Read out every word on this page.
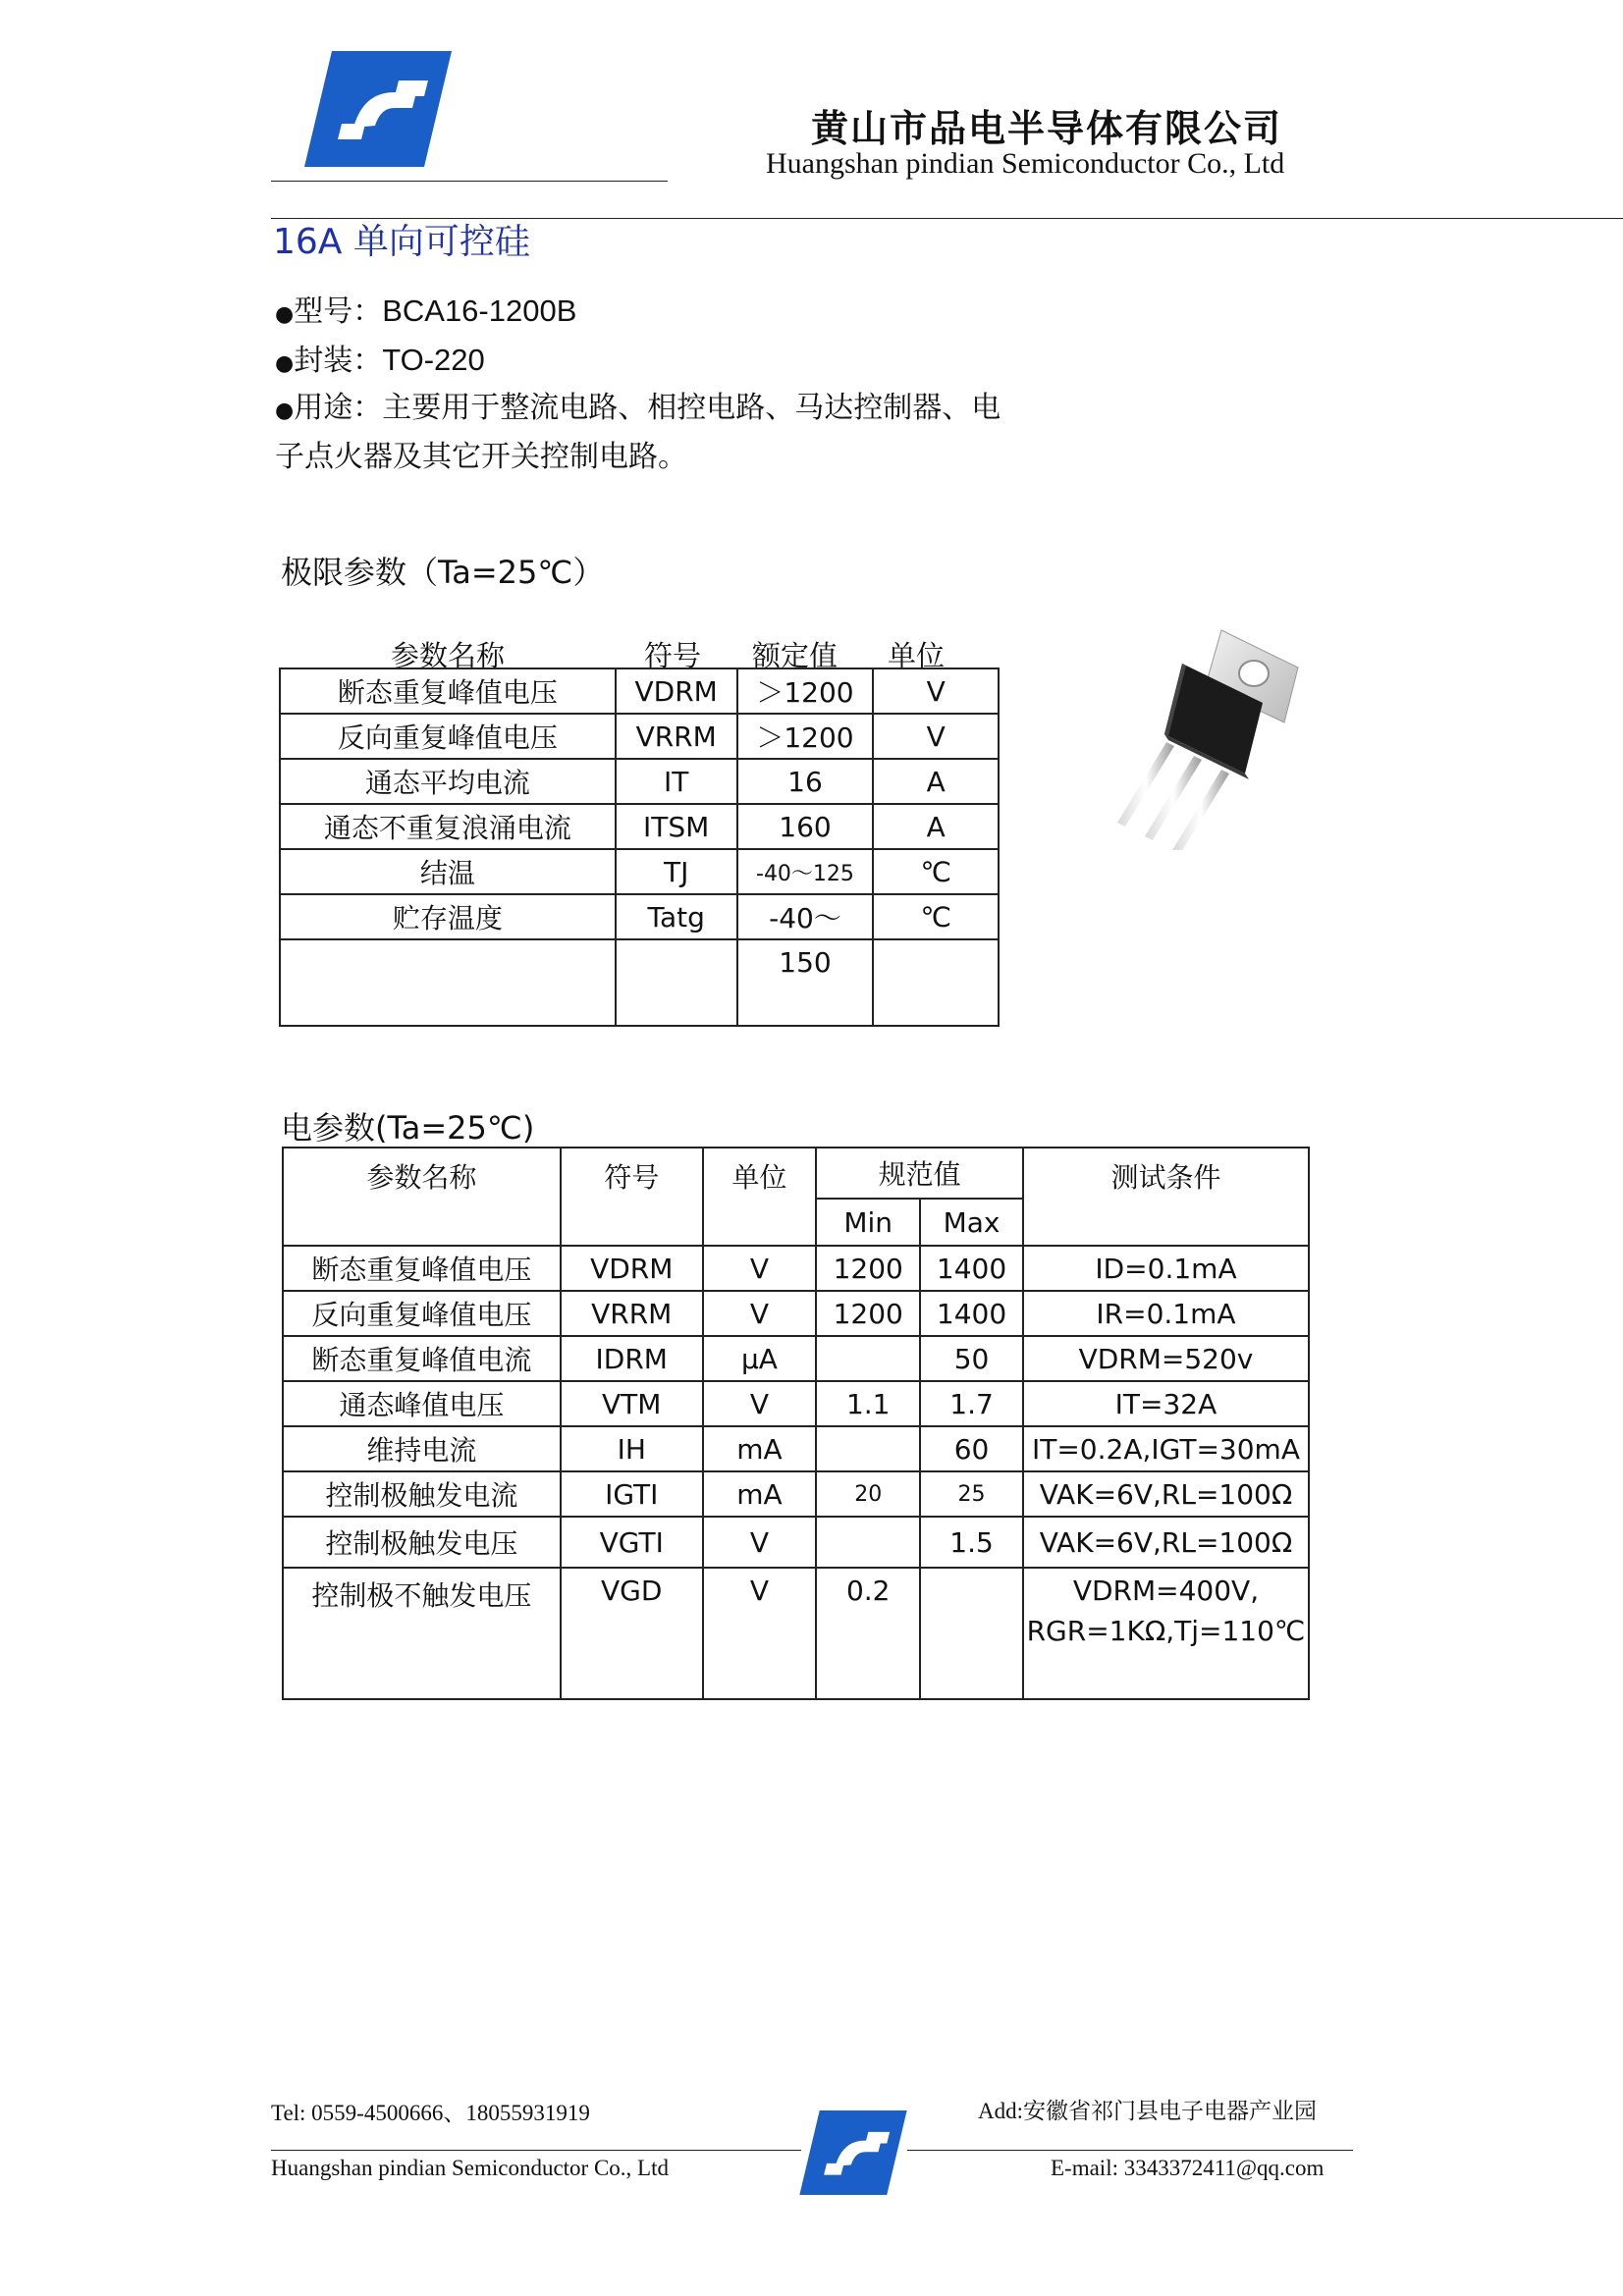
黄山市品电半导体有限公司
Huangshan pindian Semiconductor Co., Ltd
16A 单向可控硅
●型号：BCA16-1200B
●封装：TO-220
●用途：主要用于整流电路、相控电路、马达控制器、电
子点火器及其它开关控制电路。
极限参数（Ta=25℃）
参数名称	符号 额定值 单位
断态重复峰值电压	VDRM	＞1200	V
反向重复峰值电压	VRRM	＞1200	V
通态平均电流	IT	16	A
通态不重复浪涌电流	ITSM	160	A
结温	TJ	-40～125	℃
贮存温度	Tatg	-40～	℃
		150	
电参数(Ta=25℃)
参数名称	符号	单位	规范值		测试条件
			Min	Max	
断态重复峰值电压	VDRM	V	1200	1400	ID=0.1mA
反向重复峰值电压	VRRM	V	1200	1400	IR=0.1mA
断态重复峰值电流	IDRM	μA		50	VDRM=520v
通态峰值电压	VTM	V	1.1	1.7	IT=32A
维持电流	IH	mA		60	IT=0.2A,IGT=30mA
控制极触发电流	IGTI	mA	20	25	VAK=6V,RL=100Ω
控制极触发电压	VGTI	V		1.5	VAK=6V,RL=100Ω
控制极不触发电压	VGD	V	0.2		VDRM=400V,
RGR=1KΩ,Tj=110℃
Tel: 0559-4500666、18055931919	Add:安徽省祁门县电子电器产业园
Huangshan pindian Semiconductor Co., Ltd	E-mail: 3343372411@qq.com
